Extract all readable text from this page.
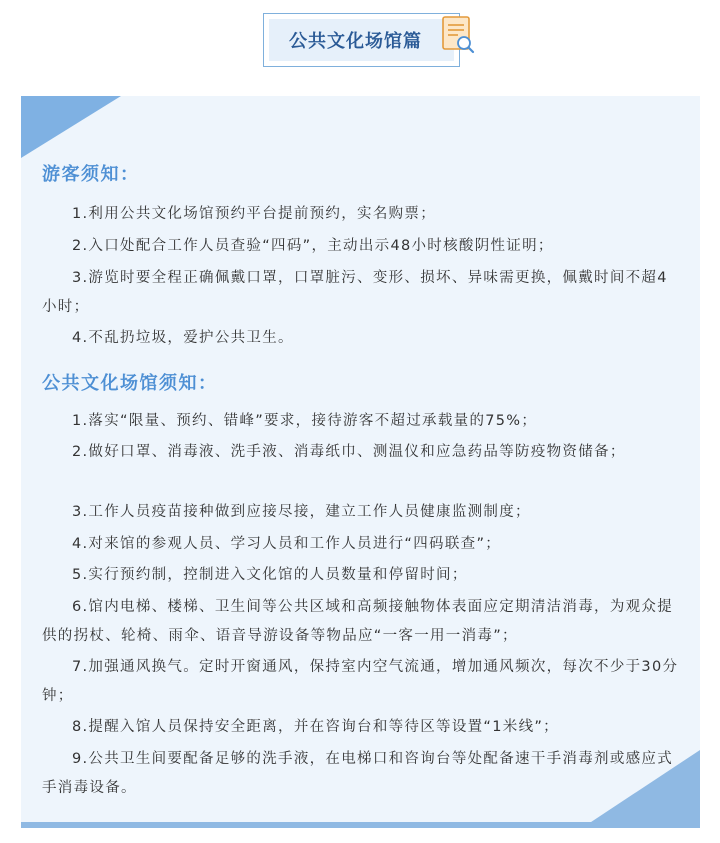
公共文化场馆篇
游客须知：

1.利用公共文化场馆预约平台提前预约，实名购票；

2.入口处配合工作人员查验“四码”，主动出示48小时核酸阴性证明；

3.游览时要全程正确佩戴口罩，口罩脏污、变形、损坏、异味需更换，佩戴时间不超4小时；

4.不乱扔垃圾，爱护公共卫生。

公共文化场馆须知：

1.落实“限量、预约、错峰”要求，接待游客不超过承载量的75%；

2.做好口罩、消毒液、洗手液、消毒纸巾、测温仪和应急药品等防疫物资储备；

3.工作人员疫苗接种做到应接尽接，建立工作人员健康监测制度；

4.对来馆的参观人员、学习人员和工作人员进行“四码联查”；

5.实行预约制，控制进入文化馆的人员数量和停留时间；

6.馆内电梯、楼梯、卫生间等公共区域和高频接触物体表面应定期清洁消毒，为观众提供的拐杖、轮椅、雨伞、语音导游设备等物品应“一客一用一消毒”；

7.加强通风换气。定时开窗通风，保持室内空气流通，增加通风频次，每次不少于30分钟；

8.提醒入馆人员保持安全距离，并在咨询台和等待区等设置“1米线”；

9.公共卫生间要配备足够的洗手液，在电梯口和咨询台等处配备速干手消毒剂或感应式手消毒设备。
